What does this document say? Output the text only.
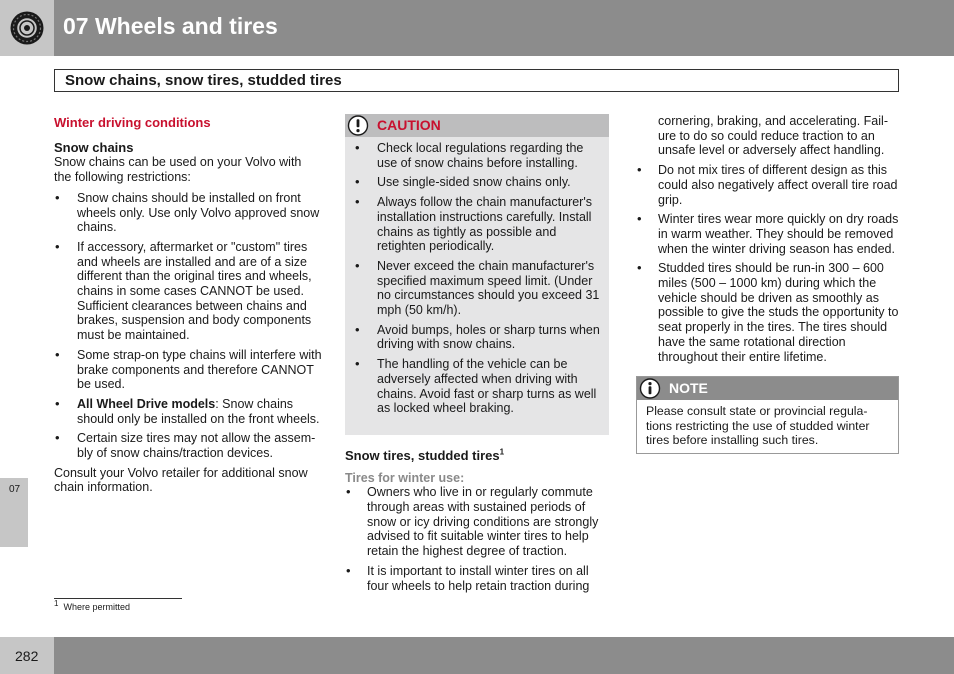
07 Wheels and tires
Snow chains, snow tires, studded tires
Winter driving conditions
Snow chains

Snow chains can be used on your Volvo with the following restrictions:

• Snow chains should be installed on front wheels only. Use only Volvo approved snow chains.
• If accessory, aftermarket or "custom" tires and wheels are installed and are of a size different than the original tires and wheels, chains in some cases CANNOT be used. Sufficient clearances between chains and brakes, suspension and body components must be maintained.
• Some strap-on type chains will interfere with brake components and therefore CANNOT be used.
• All Wheel Drive models: Snow chains should only be installed on the front wheels.
• Certain size tires may not allow the assem-bly of snow chains/traction devices.

Consult your Volvo retailer for additional snow chain information.

CAUTION
• Check local regulations regarding the use of snow chains before installing.
• Use single-sided snow chains only.
• Always follow the chain manufacturer's installation instructions carefully. Install chains as tightly as possible and retighten periodically.
• Never exceed the chain manufacturer's specified maximum speed limit. (Under no circumstances should you exceed 31 mph (50 km/h).
• Avoid bumps, holes or sharp turns when driving with snow chains.
• The handling of the vehicle can be adversely affected when driving with chains. Avoid fast or sharp turns as well as locked wheel braking.
Snow tires, studded tires$^1$
Tires for winter use:
• Owners who live in or regularly commute through areas with sustained periods of snow or icy driving conditions are strongly advised to fit suitable winter tires to help retain the highest degree of traction.
• It is important to install winter tires on all four wheels to help retain traction during

cornering, braking, and accelerating. Fail-ure to do so could reduce traction to an unsafe level or adversely affect handling.

• Do not mix tires of different design as this could also negatively affect overall tire road grip.
• Winter tires wear more quickly on dry roads in warm weather. They should be removed when the winter driving season has ended.
• Studded tires should be run-in 300 – 600 miles (500 – 1000 km) during which the vehicle should be driven as smoothly as possible to give the studs the opportunity to seat properly in the tires. The tires should have the same rotational direction throughout their entire lifetime.
NOTE
Please consult state or provincial regula-tions restricting the use of studded winter tires before installing such tires.
07
$^1$ Where permitted
282
